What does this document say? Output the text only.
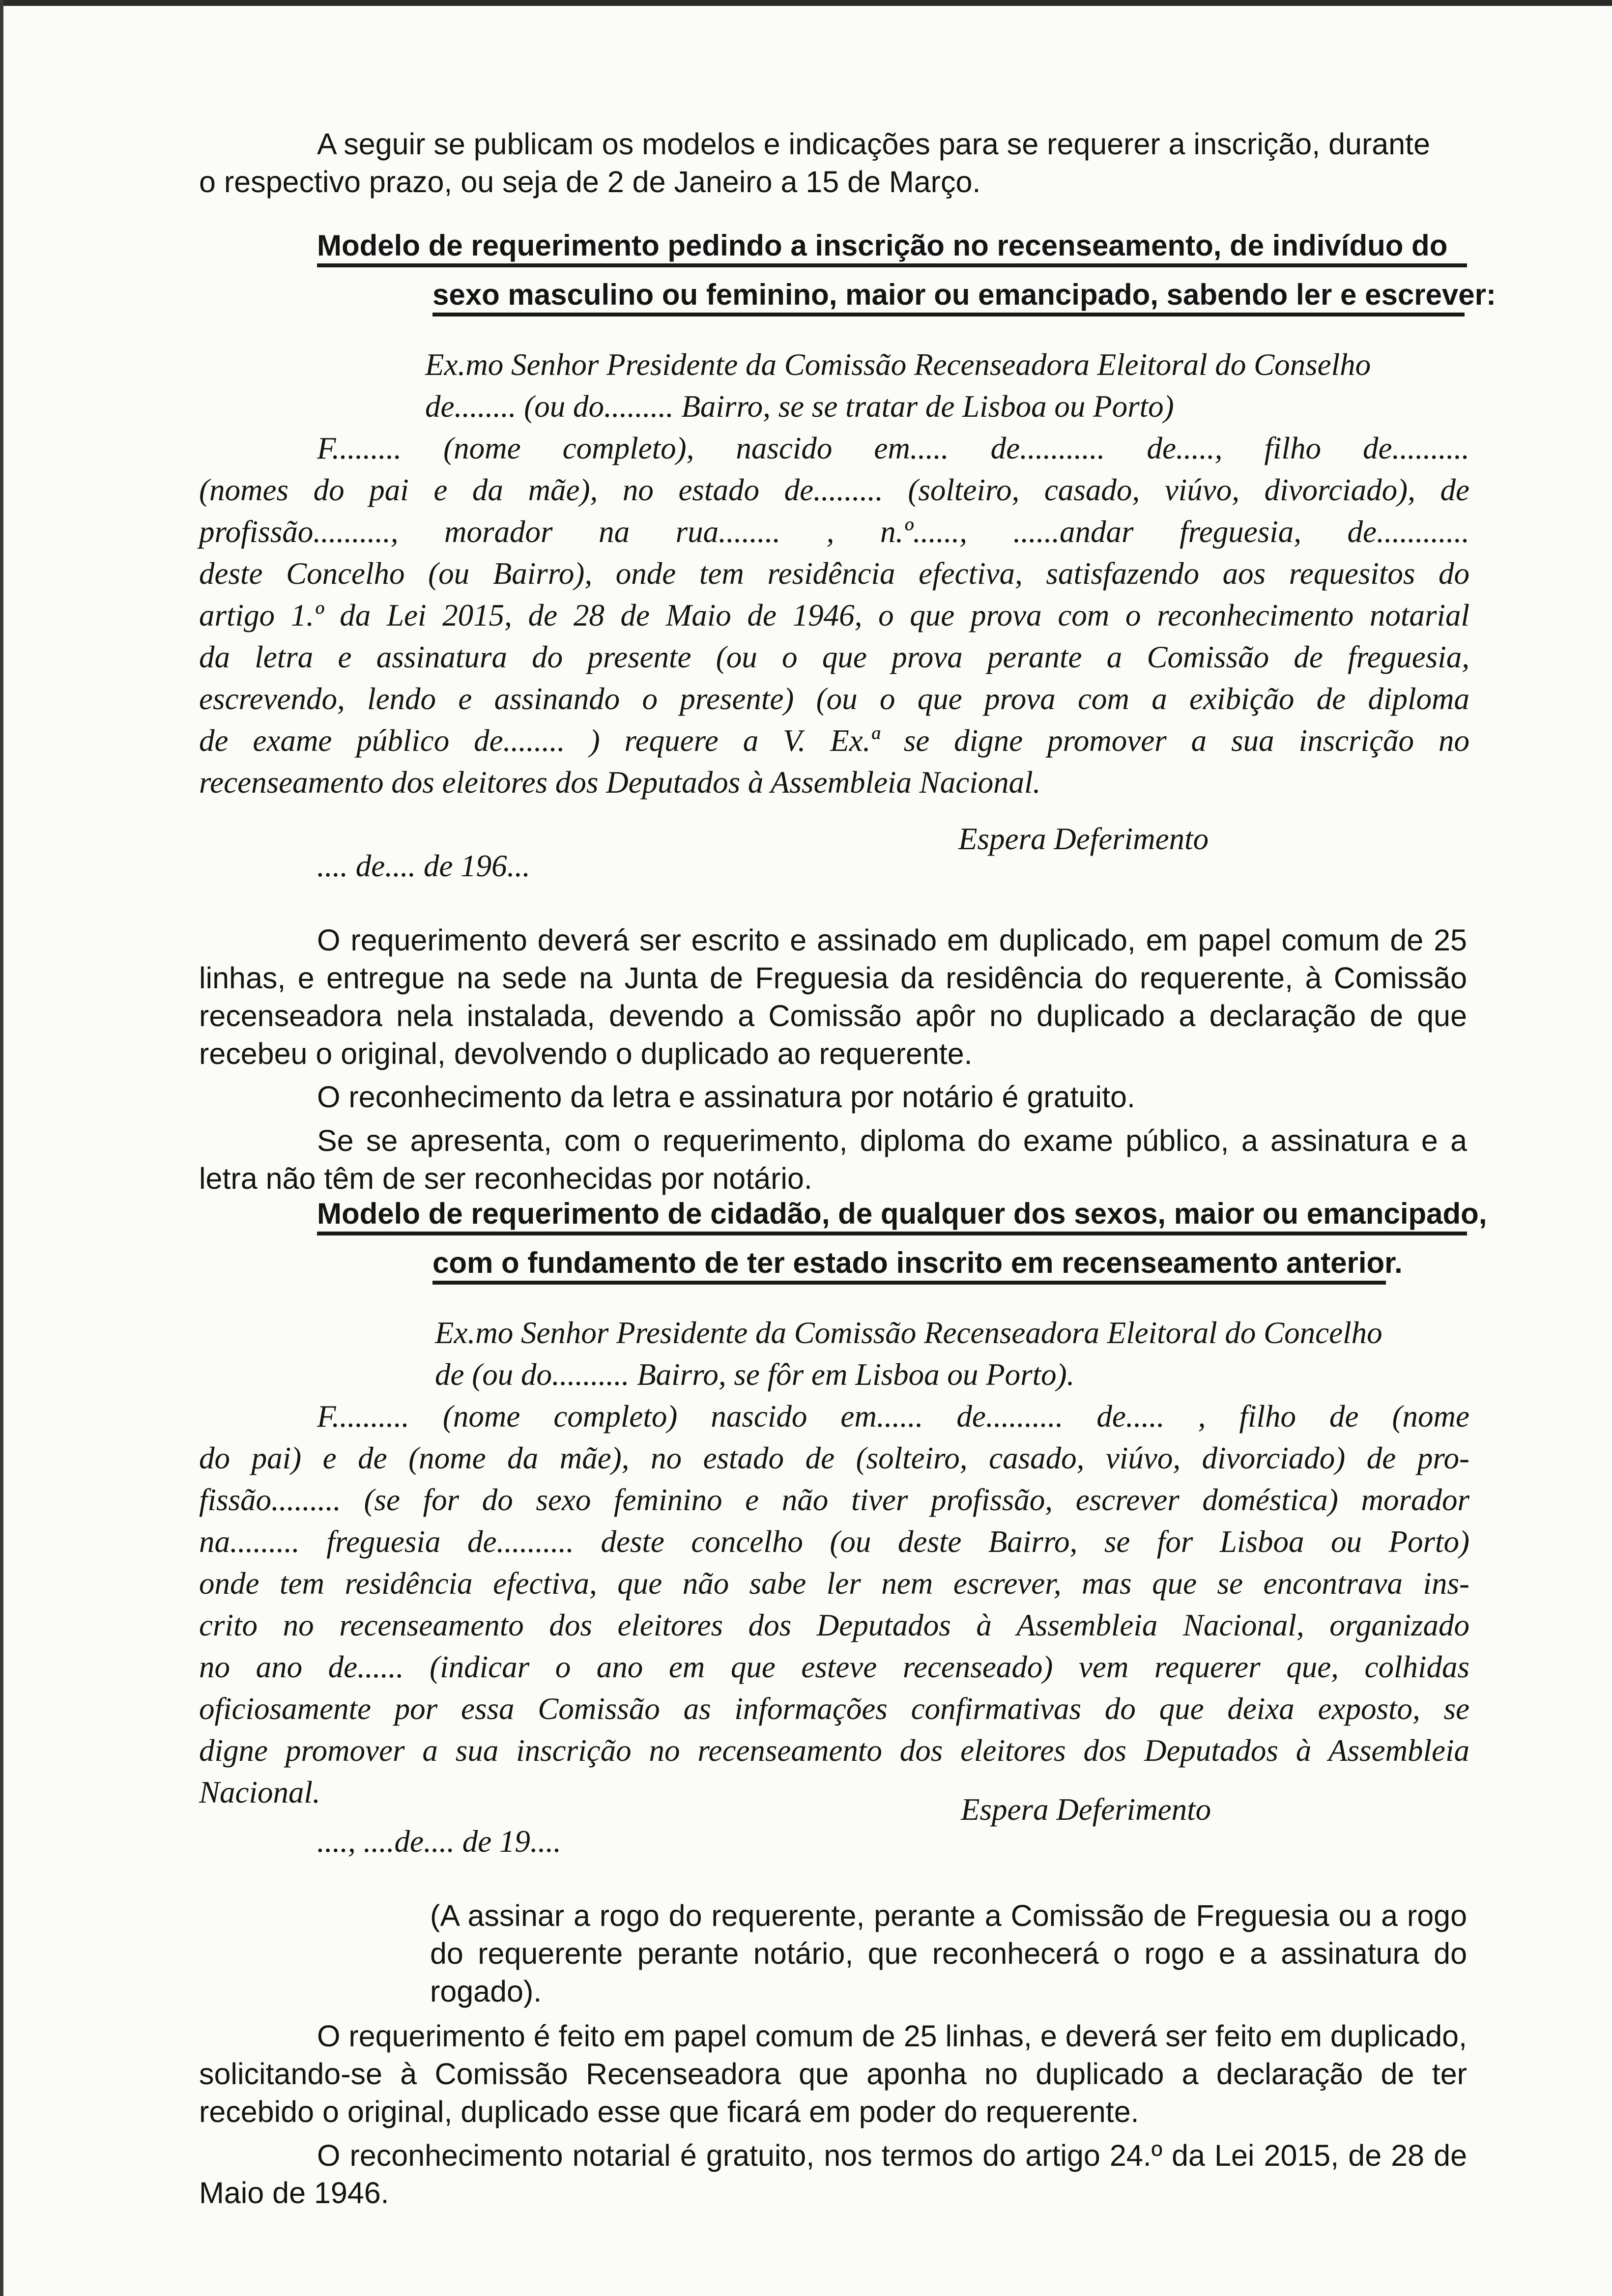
A seguir se publicam os modelos e indicações para se requerer a inscrição, durante

o respectivo prazo, ou seja de 2 de Janeiro a 15 de Março.

Modelo de requerimento pedindo a inscrição no recenseamento, de indivíduo do
sexo masculino ou feminino, maior ou emancipado, sabendo ler e escrever:

Ex.mo Senhor Presidente da Comissão Recenseadora Eleitoral do Conselho

de........ (ou do......... Bairro, se se tratar de Lisboa ou Porto)

F......... (nome completo), nascido em..... de........... de....., filho de..........

(nomes do pai e da mãe), no estado de......... (solteiro, casado, viúvo, divorciado), de

profissão.........., morador na rua........ , n.º......, ......andar freguesia, de............

deste Concelho (ou Bairro), onde tem residência efectiva, satisfazendo aos requesitos do

artigo 1.º da Lei 2015, de 28 de Maio de 1946, o que prova com o reconhecimento notarial

da letra e assinatura do presente (ou o que prova perante a Comissão de freguesia,

escrevendo, lendo e assinando o presente) (ou o que prova com a exibição de diploma

de exame público de........ ) requere a V. Ex.ª se digne promover a sua inscrição no

recenseamento dos eleitores dos Deputados à Assembleia Nacional.

Espera Deferimento

.... de.... de 196...

O requerimento deverá ser escrito e assinado em duplicado, em papel comum de 25 linhas, e entregue na sede na Junta de Freguesia da residência do requerente, à Comissão recenseadora nela instalada, devendo a Comissão apôr no duplicado a declaração de que recebeu o original, devolvendo o duplicado ao requerente.

O reconhecimento da letra e assinatura por notário é gratuito.

Se se apresenta, com o requerimento, diploma do exame público, a assinatura e a letra não têm de ser reconhecidas por notário.

Modelo de requerimento de cidadão, de qualquer dos sexos, maior ou emancipado,
com o fundamento de ter estado inscrito em recenseamento anterior.

Ex.mo Senhor Presidente da Comissão Recenseadora Eleitoral do Concelho

de (ou do.......... Bairro, se fôr em Lisboa ou Porto).

F.......... (nome completo) nascido em...... de.......... de..... , filho de (nome

do pai) e de (nome da mãe), no estado de (solteiro, casado, viúvo, divorciado) de pro-

fissão......... (se for do sexo feminino e não tiver profissão, escrever doméstica) morador

na......... freguesia de.......... deste concelho (ou deste Bairro, se for Lisboa ou Porto)

onde tem residência efectiva, que não sabe ler nem escrever, mas que se encontrava ins-

crito no recenseamento dos eleitores dos Deputados à Assembleia Nacional, organizado

no ano de...... (indicar o ano em que esteve recenseado) vem requerer que, colhidas

oficiosamente por essa Comissão as informações confirmativas do que deixa exposto, se

digne promover a sua inscrição no recenseamento dos eleitores dos Deputados à Assembleia

Nacional.	Espera Deferimento

...., ....de.... de 19....

(A assinar a rogo do requerente, perante a Comissão de Freguesia ou a rogo do requerente perante notário, que reconhecerá o rogo e a assinatura do rogado).

O requerimento é feito em papel comum de 25 linhas, e deverá ser feito em duplicado, solicitando-se à Comissão Recenseadora que aponha no duplicado a declaração de ter recebido o original, duplicado esse que ficará em poder do requerente.

O reconhecimento notarial é gratuito, nos termos do artigo 24.º da Lei 2015, de 28 de Maio de 1946.
